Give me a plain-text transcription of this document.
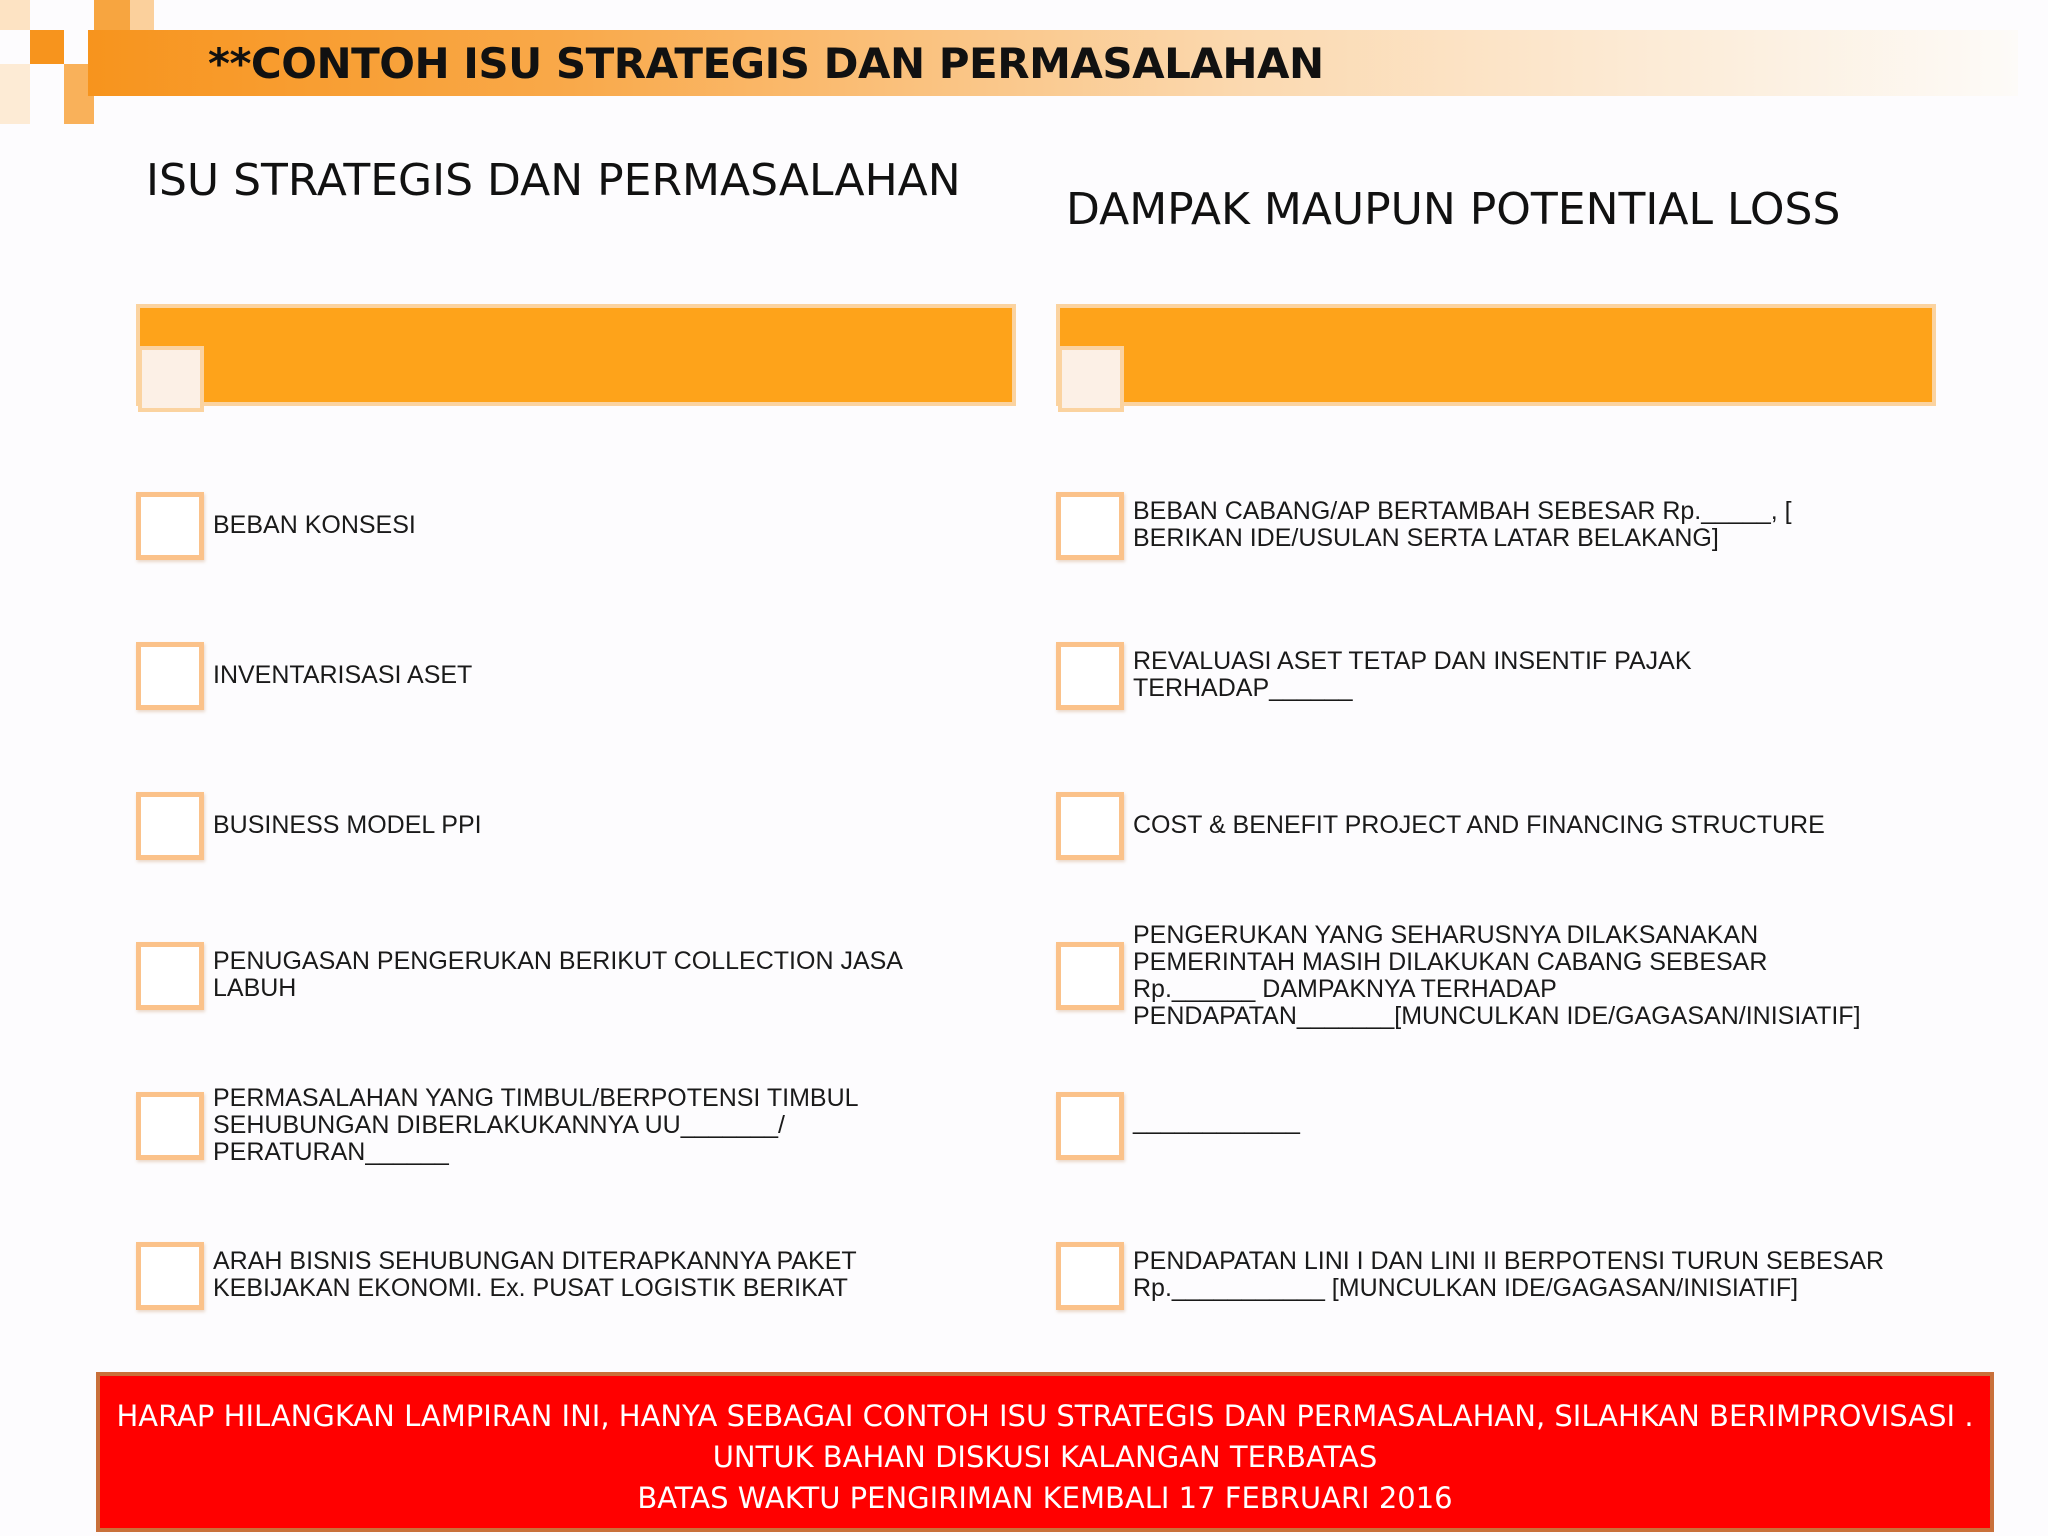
**CONTOH ISU STRATEGIS DAN PERMASALAHAN
ISU STRATEGIS DAN PERMASALAHAN
BEBAN KONSESI
INVENTARISASI ASET
BUSINESS MODEL PPI
PENUGASAN PENGERUKAN BERIKUT COLLECTION JASA
LABUH
PERMASALAHAN YANG TIMBUL/BERPOTENSI TIMBUL
SEHUBUNGAN DIBERLAKUKANNYA UU_______/
PERATURAN______
ARAH BISNIS SEHUBUNGAN DITERAPKANNYA PAKET
KEBIJAKAN EKONOMI. Ex. PUSAT LOGISTIK BERIKAT
DAMPAK MAUPUN POTENTIAL LOSS
BEBAN CABANG/AP BERTAMBAH SEBESAR Rp._____, [
BERIKAN IDE/USULAN SERTA LATAR BELAKANG]
REVALUASI ASET TETAP DAN INSENTIF PAJAK
TERHADAP______
COST & BENEFIT PROJECT AND FINANCING STRUCTURE
PENGERUKAN YANG SEHARUSNYA DILAKSANAKAN
PEMERINTAH MASIH DILAKUKAN CABANG SEBESAR
Rp.______ DAMPAKNYA TERHADAP
PENDAPATAN_______[MUNCULKAN IDE/GAGASAN/INISIATIF]
____________
PENDAPATAN LINI I DAN LINI II BERPOTENSI TURUN SEBESAR
Rp.___________ [MUNCULKAN IDE/GAGASAN/INISIATIF]
HARAP HILANGKAN LAMPIRAN INI, HANYA SEBAGAI CONTOH ISU STRATEGIS DAN PERMASALAHAN, SILAHKAN BERIMPROVISASI .
UNTUK BAHAN DISKUSI KALANGAN TERBATAS
BATAS WAKTU PENGIRIMAN KEMBALI 17 FEBRUARI 2016
